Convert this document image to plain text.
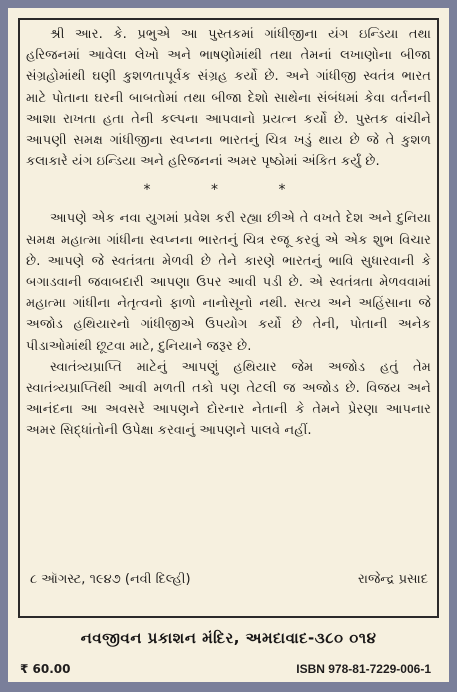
શ્રી આર. કે. પ્રભુએ આ પુસ્તકમાં ગાંધીજીના યંગ ઇન્ડિયા તથા હરિજનમાં આવેલા લેખો અને ભાષણોમાંથી તથા તેમનાં લખાણોના બીજા સંગ્રહોમાંથી ઘણી કુશળતાપૂર્વક સંગ્રહ કર્યો છે. અને ગાંધીજી સ્વતંત્ર ભારત માટે પોતાના ઘરની બાબતોમાં તથા બીજા દેશો સાથેના સંબંધમાં કેવા વર્તનની આશા રાખતા હતા તેની કલ્પના આપવાનો પ્રયત્ન કર્યો છે. પુસ્તક વાંચીને આપણી સમક્ષ ગાંધીજીના સ્વપ્નના ભારતનું ચિત્ર ખડું થાય છે જે તે કુશળ કલાકારે યંગ ઇન્ડિયા અને હરિજનનાં અમર પૃષ્ઠોમાં અંકિત કર્યું છે.

* * *

આપણે એક નવા યુગમાં પ્રવેશ કરી રહ્યા છીએ તે વખતે દેશ અને દુનિયા સમક્ષ મહાત્મા ગાંધીના સ્વપ્નના ભારતનું ચિત્ર રજૂ કરવું એ એક શુભ વિચાર છે. આપણે જે સ્વતંત્રતા મેળવી છે તેને કારણે ભારતનું ભાવિ સુધારવાની કે બગાડવાની જવાબદારી આપણા ઉપર આવી પડી છે. એ સ્વતંત્રતા મેળવવામાં મહાત્મા ગાંધીના નેતૃત્વનો ફાળો નાનોસૂનો નથી. સત્ય અને અહિંસાના જે અજોડ હથિયારનો ગાંધીજીએ ઉપયોગ કર્યો છે તેની, પોતાની અનેક પીડાઓમાંથી છૂટવા માટે, દુનિયાને જરૂર છે.

સ્વાતંત્ર્યપ્રાપ્તિ માટેનું આપણું હથિયાર જેમ અજોડ હતું તેમ સ્વાતંત્ર્યપ્રાપ્તિથી આવી મળતી તકો પણ તેટલી જ અજોડ છે. વિજય અને આનંદના આ અવસરે આપણને દોરનાર નેતાની કે તેમને પ્રેરણા આપનાર અમર સિદ્ધાંતોની ઉપેક્ષા કરવાનું આપણને પાલવે નહીં.

૮ ઑગસ્ટ, ૧૯૪૭ (નવી દિલ્હી)	રાજેન્દ્ર પ્રસાદ
નવજીવન પ્રકાશન મંદિર, અમદાવાદ-૩૮૦ ૦૧૪
₹ 60.00	ISBN 978-81-7229-006-1
